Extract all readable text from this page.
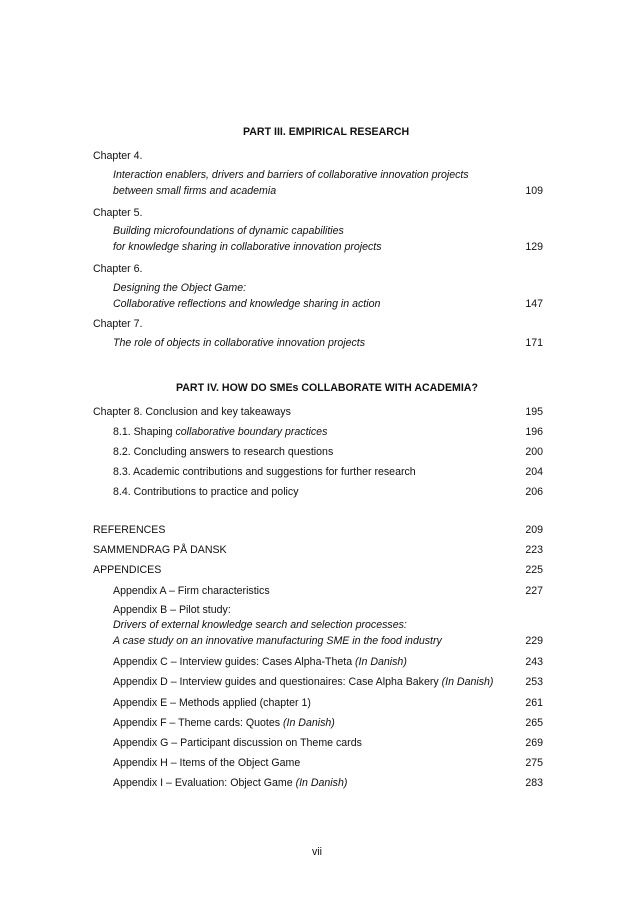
PART III. EMPIRICAL RESEARCH
Chapter 4.
Interaction enablers, drivers and barriers of collaborative innovation projects
between small firms and academia	109
Chapter 5.
Building microfoundations of dynamic capabilities
for knowledge sharing in collaborative innovation projects	129
Chapter 6.
Designing the Object Game:
Collaborative reflections and knowledge sharing in action	147
Chapter 7.
The role of objects in collaborative innovation projects	171
PART IV. HOW DO SMEs COLLABORATE WITH ACADEMIA?
Chapter 8. Conclusion and key takeaways	195
8.1. Shaping collaborative boundary practices	196
8.2. Concluding answers to research questions	200
8.3. Academic contributions and suggestions for further research	204
8.4. Contributions to practice and policy	206
REFERENCES	209
SAMMENDRAG PÅ DANSK	223
APPENDICES	225
Appendix A – Firm characteristics	227
Appendix B – Pilot study:
Drivers of external knowledge search and selection processes:
A case study on an innovative manufacturing SME in the food industry	229
Appendix C – Interview guides: Cases Alpha-Theta (In Danish)	243
Appendix D – Interview guides and questionaires: Case Alpha Bakery (In Danish)	253
Appendix E – Methods applied (chapter 1)	261
Appendix F – Theme cards: Quotes (In Danish)	265
Appendix G – Participant discussion on Theme cards	269
Appendix H – Items of the Object Game	275
Appendix I – Evaluation: Object Game (In Danish)	283
vii
